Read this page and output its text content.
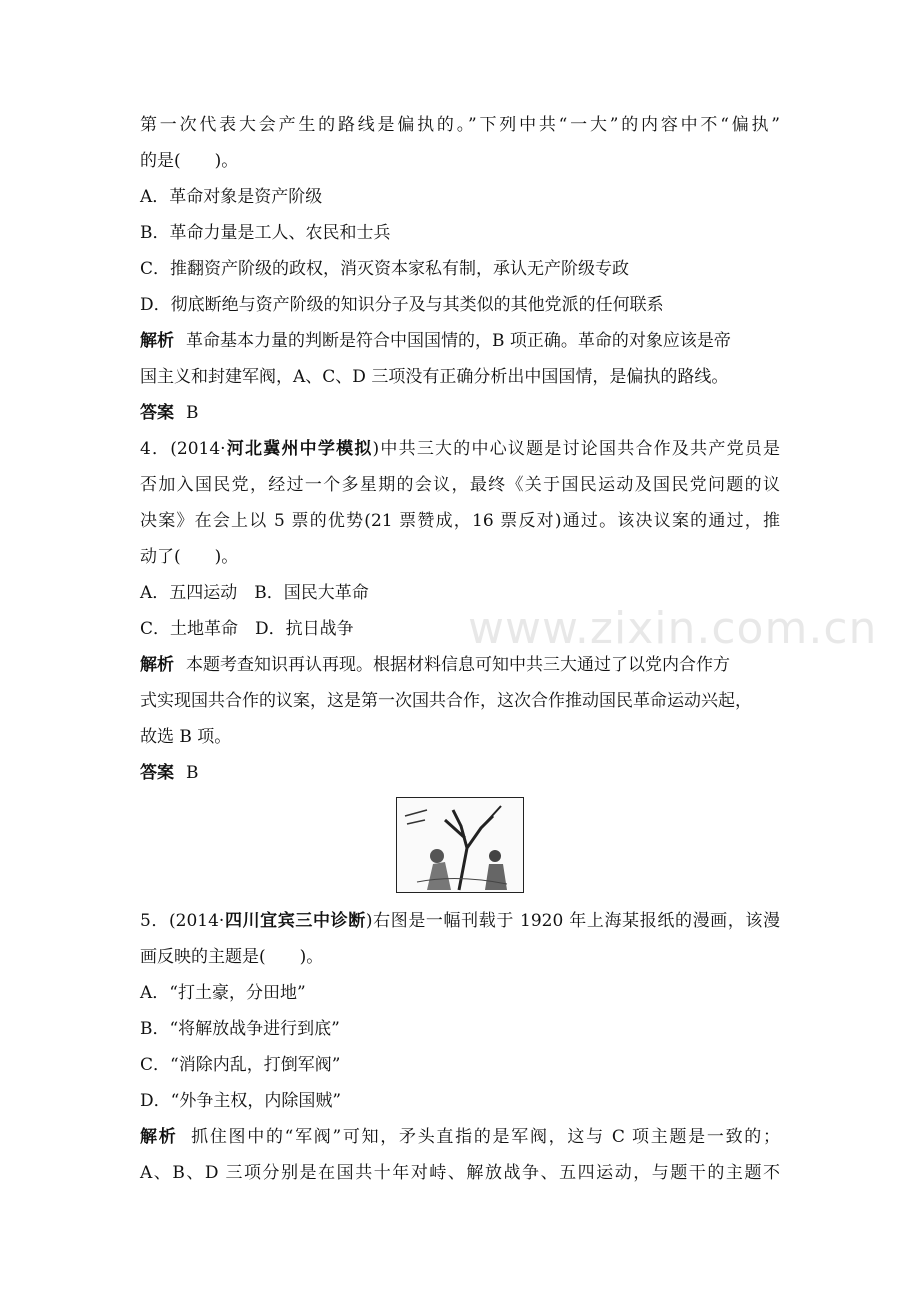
第一次代表大会产生的路线是偏执的。”下列中共“一大”的内容中不“偏执”
的是(　　)。
A．革命对象是资产阶级
B．革命力量是工人、农民和士兵
C．推翻资产阶级的政权，消灭资本家私有制，承认无产阶级专政
D．彻底断绝与资产阶级的知识分子及与其类似的其他党派的任何联系
解析 革命基本力量的判断是符合中国国情的，B 项正确。革命的对象应该是帝
国主义和封建军阀，A、C、D 三项没有正确分析出中国国情，是偏执的路线。
答案 B
4．(2014·河北冀州中学模拟)中共三大的中心议题是讨论国共合作及共产党员是
否加入国民党，经过一个多星期的会议，最终《关于国民运动及国民党问题的议
决案》在会上以 5 票的优势(21 票赞成，16 票反对)通过。该决议案的通过，推
动了(　　)。
A．五四运动　B．国民大革命
C．土地革命　D．抗日战争
解析 本题考查知识再认再现。根据材料信息可知中共三大通过了以党内合作方
式实现国共合作的议案，这是第一次国共合作，这次合作推动国民革命运动兴起，
故选 B 项。
答案 B
5．(2014·四川宜宾三中诊断)右图是一幅刊载于 1920 年上海某报纸的漫画，该漫
画反映的主题是(　　)。
A．“打土豪，分田地”
B．“将解放战争进行到底”
C．“消除内乱，打倒军阀”
D．“外争主权，内除国贼”
解析 抓住图中的“军阀”可知，矛头直指的是军阀，这与 C 项主题是一致的；
A、B、D 三项分别是在国共十年对峙、解放战争、五四运动，与题干的主题不
www.zixin.com.cn
